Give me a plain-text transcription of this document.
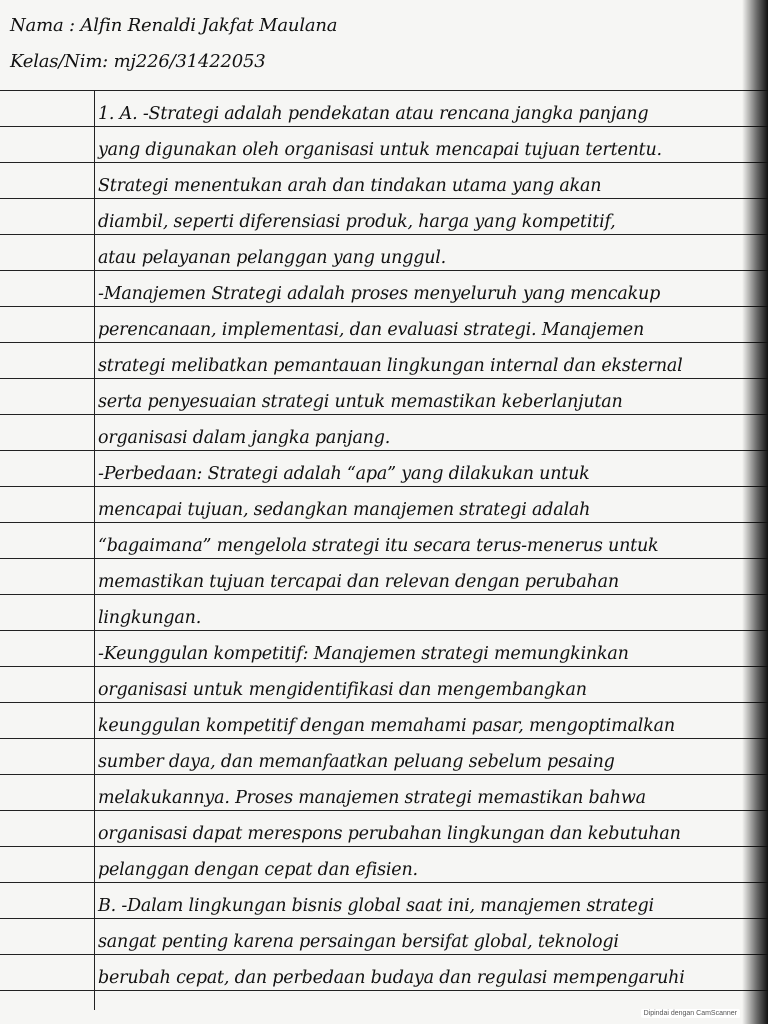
Nama : Alfin Renaldi Jakfat Maulana
Kelas/Nim: mj226/31422053
1. A. -Strategi adalah pendekatan atau rencana jangka panjang
yang digunakan oleh organisasi untuk mencapai tujuan tertentu.
Strategi menentukan arah dan tindakan utama yang akan
diambil, seperti diferensiasi produk, harga yang kompetitif,
atau pelayanan pelanggan yang unggul.
-Manajemen Strategi adalah proses menyeluruh yang mencakup
perencanaan, implementasi, dan evaluasi strategi. Manajemen
strategi melibatkan pemantauan lingkungan internal dan eksternal
serta penyesuaian strategi untuk memastikan keberlanjutan
organisasi dalam jangka panjang.
-Perbedaan: Strategi adalah “apa” yang dilakukan untuk
mencapai tujuan, sedangkan manajemen strategi adalah
“bagaimana” mengelola strategi itu secara terus-menerus untuk
memastikan tujuan tercapai dan relevan dengan perubahan
lingkungan.
-Keunggulan kompetitif: Manajemen strategi memungkinkan
organisasi untuk mengidentifikasi dan mengembangkan
keunggulan kompetitif dengan memahami pasar, mengoptimalkan
sumber daya, dan memanfaatkan peluang sebelum pesaing
melakukannya. Proses manajemen strategi memastikan bahwa
organisasi dapat merespons perubahan lingkungan dan kebutuhan
pelanggan dengan cepat dan efisien.
B. -Dalam lingkungan bisnis global saat ini, manajemen strategi
sangat penting karena persaingan bersifat global, teknologi
berubah cepat, dan perbedaan budaya dan regulasi mempengaruhi
Dipindai dengan CamScanner
